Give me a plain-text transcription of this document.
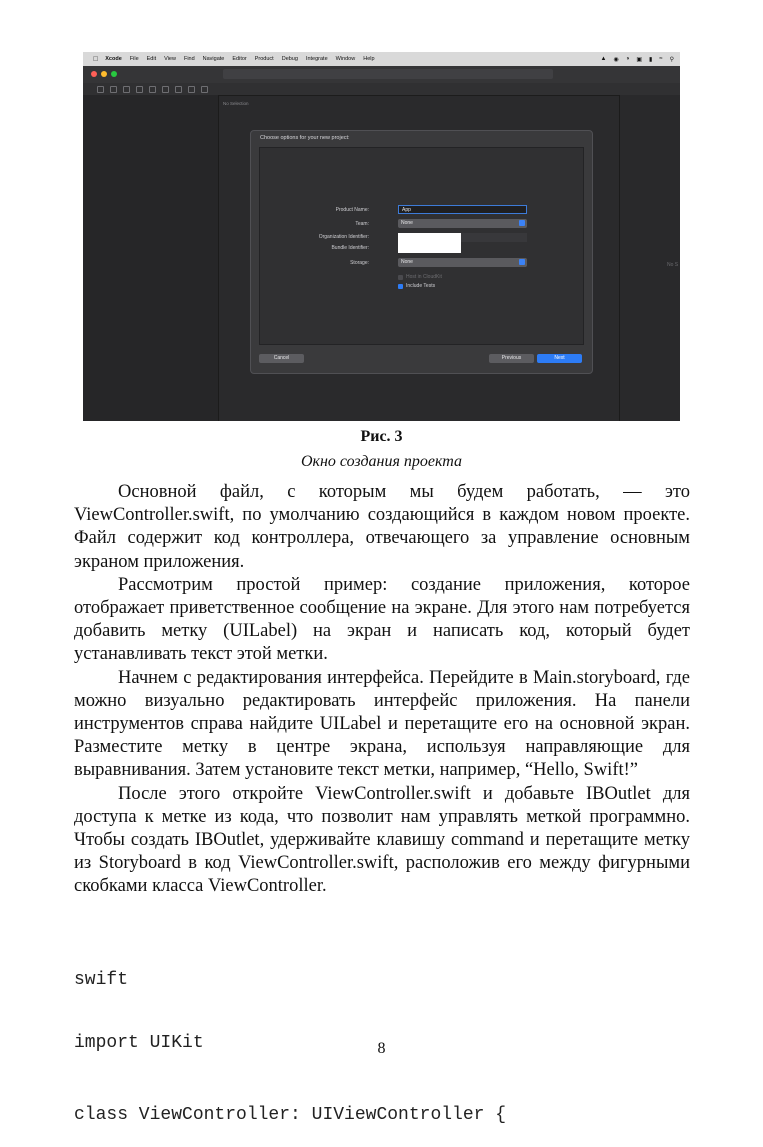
Xcode File Edit View Find Navigate Editor Product Debug Integrate Window Help	▲ ◉ ◑ ▣ ▮ ≈ ⚲
No Selection
No S
Choose options for your new project:
Product Name:	App
Team:	None
Organization Identifier:
Bundle Identifier:
Storage:	None
Host in CloudKit
Include Tests
Cancel	Previous	Next
Рис. 3
Окно создания проекта

Основной файл, с которым мы будем работать, — это ViewController.swift, по умолчанию создающийся в каждом новом проекте. Файл содержит код контроллера, отвечающего за управление основным экраном приложения.

Рассмотрим простой пример: создание приложения, которое отображает приветственное сообщение на экране. Для этого нам потребуется добавить метку (UILabel) на экран и написать код, который будет устанавливать текст этой метки.

Начнем с редактирования интерфейса. Перейдите в Main.storyboard, где можно визуально редактировать интерфейс приложения. На панели инструментов справа найдите UILabel и перетащите его на основной экран. Разместите метку в центре экрана, используя направляющие для выравнивания. Затем установите текст метки, например, “Hello, Swift!”

После этого откройте ViewController.swift и добавьте IBOutlet для доступа к метке из кода, что позволит нам управлять меткой программно. Чтобы создать IBOutlet, удерживайте клавишу command и перетащите метку из Storyboard в код ViewController.swift, расположив его между фигурными скобками класса ViewController.

swift

import UIKit

class ViewController: UIViewController {

8
